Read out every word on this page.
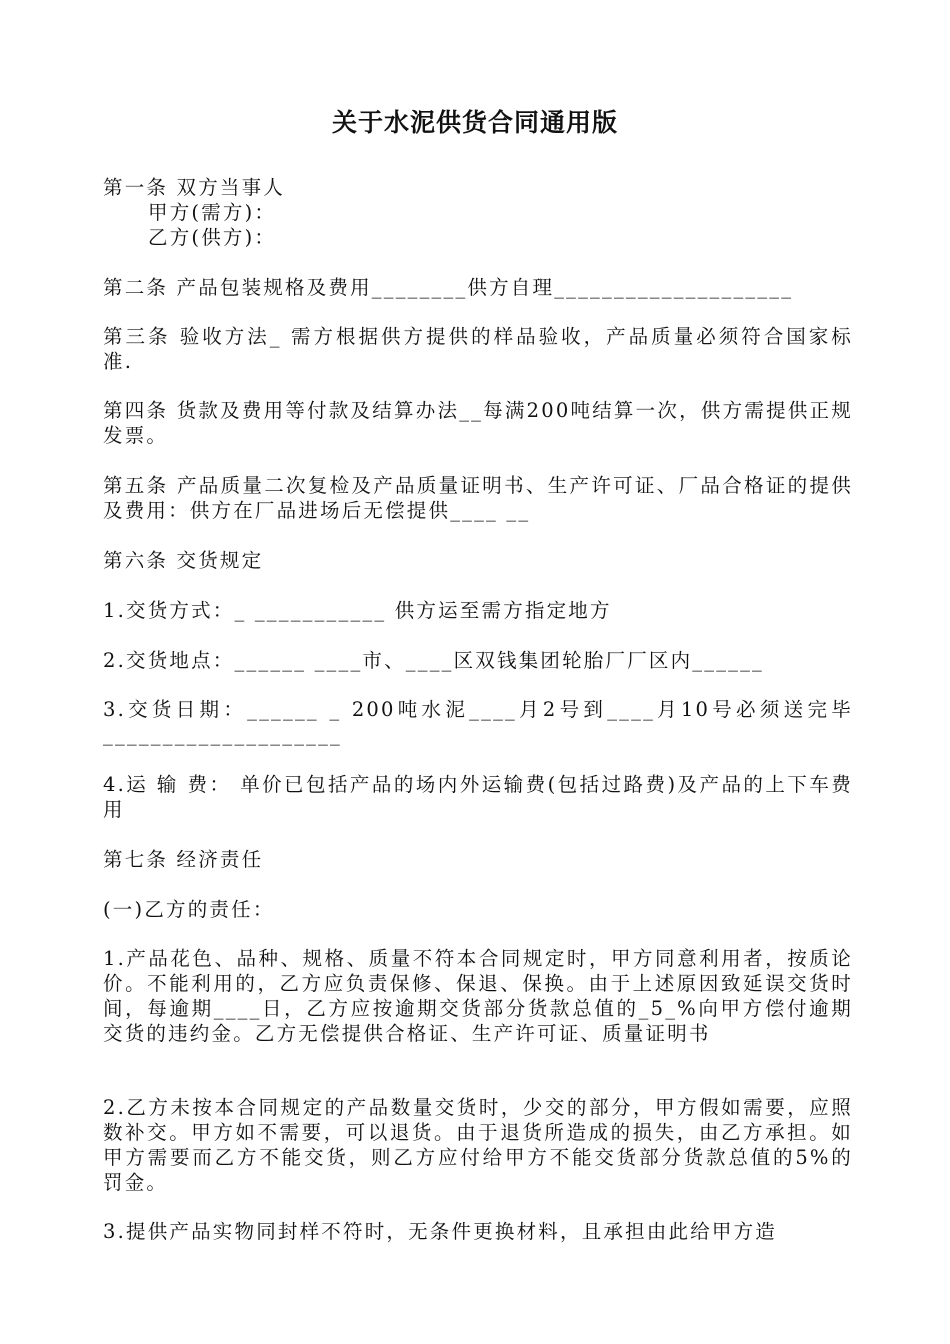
关于水泥供货合同通用版
第一条 双方当事人
甲方(需方)：
乙方(供方)：
第二条 产品包装规格及费用________供方自理____________________
第三条 验收方法_ 需方根据供方提供的样品验收，产品质量必须符合国家标准.
第四条 货款及费用等付款及结算办法__每满200吨结算一次，供方需提供正规发票。
第五条 产品质量二次复检及产品质量证明书、生产许可证、厂品合格证的提供及费用：供方在厂品进场后无偿提供____ __
第六条 交货规定
1.交货方式：_ ___________ 供方运至需方指定地方
2.交货地点：______ ____市、____区双钱集团轮胎厂厂区内______
3.交货日期：______ _ 200吨水泥____月2号到____月10号必须送完毕____________________
4.运 输 费： 单价已包括产品的场内外运输费(包括过路费)及产品的上下车费用
第七条 经济责任
(一)乙方的责任：
1.产品花色、品种、规格、质量不符本合同规定时，甲方同意利用者，按质论价。不能利用的，乙方应负责保修、保退、保换。由于上述原因致延误交货时间，每逾期____日，乙方应按逾期交货部分货款总值的_5_%向甲方偿付逾期交货的违约金。乙方无偿提供合格证、生产许可证、质量证明书
2.乙方未按本合同规定的产品数量交货时，少交的部分，甲方假如需要，应照数补交。甲方如不需要，可以退货。由于退货所造成的损失，由乙方承担。如甲方需要而乙方不能交货，则乙方应付给甲方不能交货部分货款总值的5%的罚金。
3.提供产品实物同封样不符时，无条件更换材料，且承担由此给甲方造
